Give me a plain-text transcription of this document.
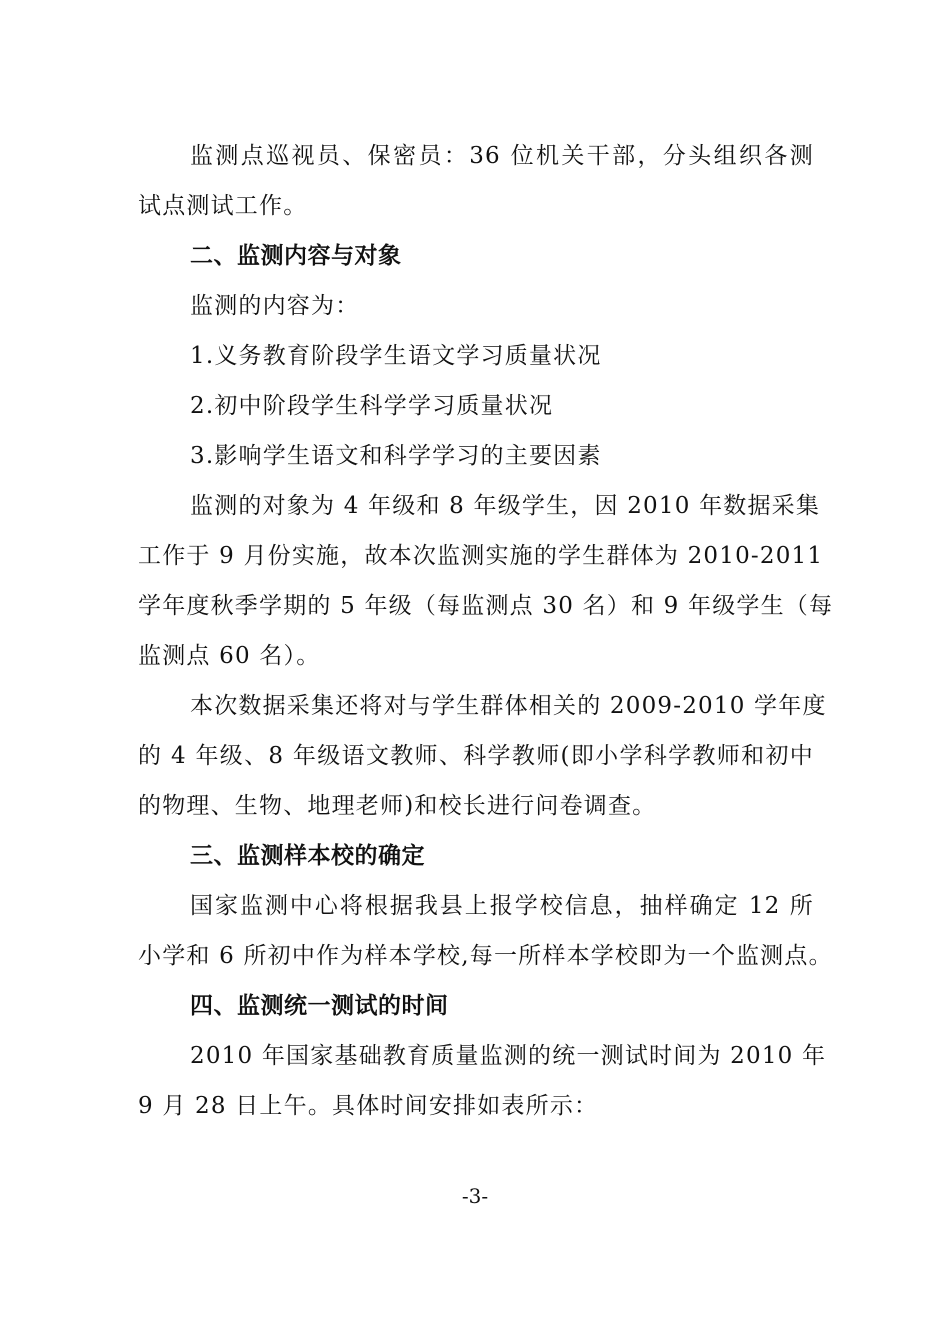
监测点巡视员、保密员：36 位机关干部，分头组织各测
试点测试工作。
二、监测内容与对象
监测的内容为：
1.义务教育阶段学生语文学习质量状况
2.初中阶段学生科学学习质量状况
3.影响学生语文和科学学习的主要因素
监测的对象为 4 年级和 8 年级学生，因 2010 年数据采集
工作于 9 月份实施，故本次监测实施的学生群体为 2010-2011
学年度秋季学期的 5 年级（每监测点 30 名）和 9 年级学生（每
监测点 60 名）。
本次数据采集还将对与学生群体相关的 2009-2010 学年度
的 4 年级、8 年级语文教师、科学教师(即小学科学教师和初中
的物理、生物、地理老师)和校长进行问卷调查。
三、监测样本校的确定
国家监测中心将根据我县上报学校信息，抽样确定 12 所
小学和 6 所初中作为样本学校,每一所样本学校即为一个监测点。
四、监测统一测试的时间
2010 年国家基础教育质量监测的统一测试时间为 2010 年
9 月 28 日上午。具体时间安排如表所示：
-3-
